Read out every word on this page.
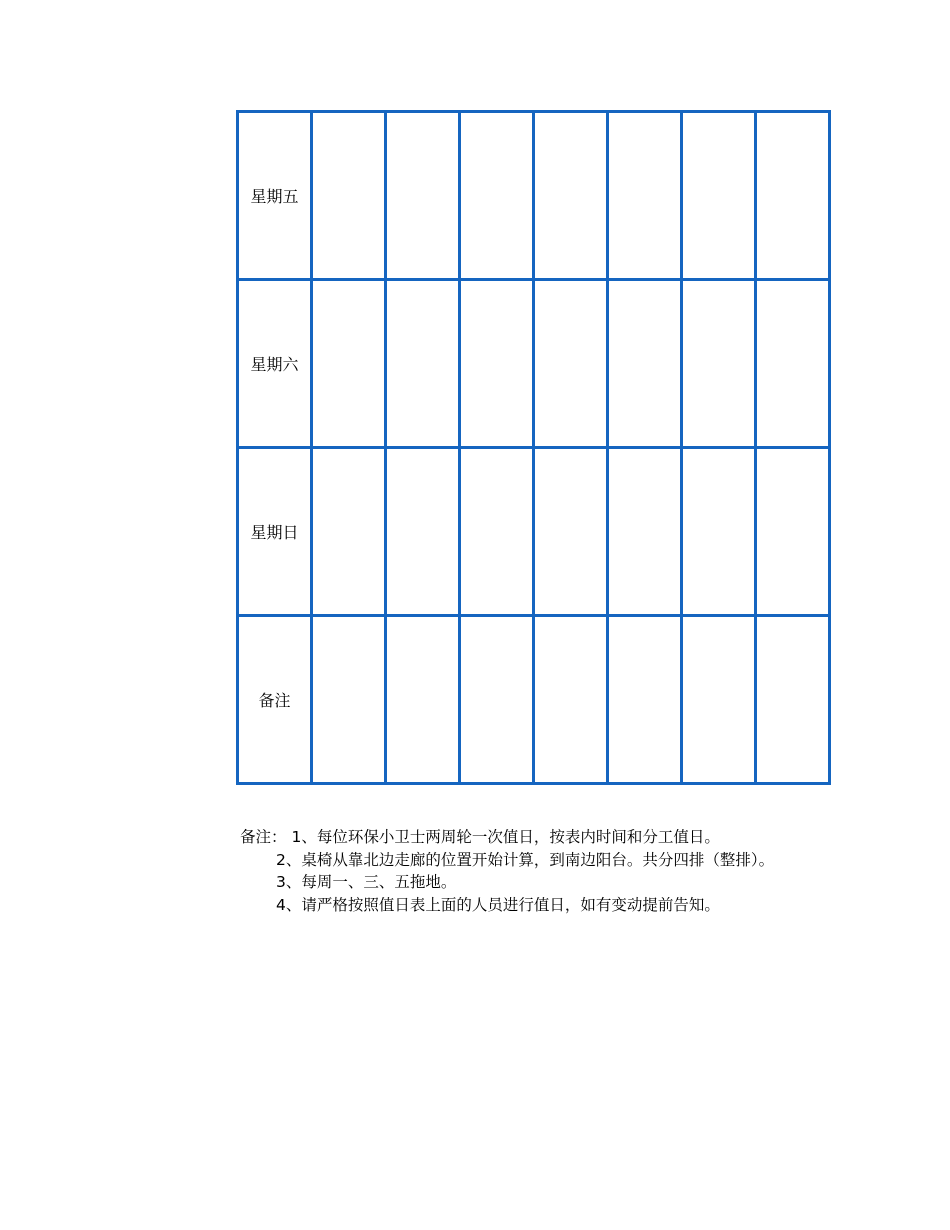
星期五							
星期六							
星期日							
备注							
备注： 1、每位环保小卫士两周轮一次值日，按表内时间和分工值日。
2、桌椅从靠北边走廊的位置开始计算，到南边阳台。共分四排（整排）。
3、每周一、三、五拖地。
4、请严格按照值日表上面的人员进行值日，如有变动提前告知。
